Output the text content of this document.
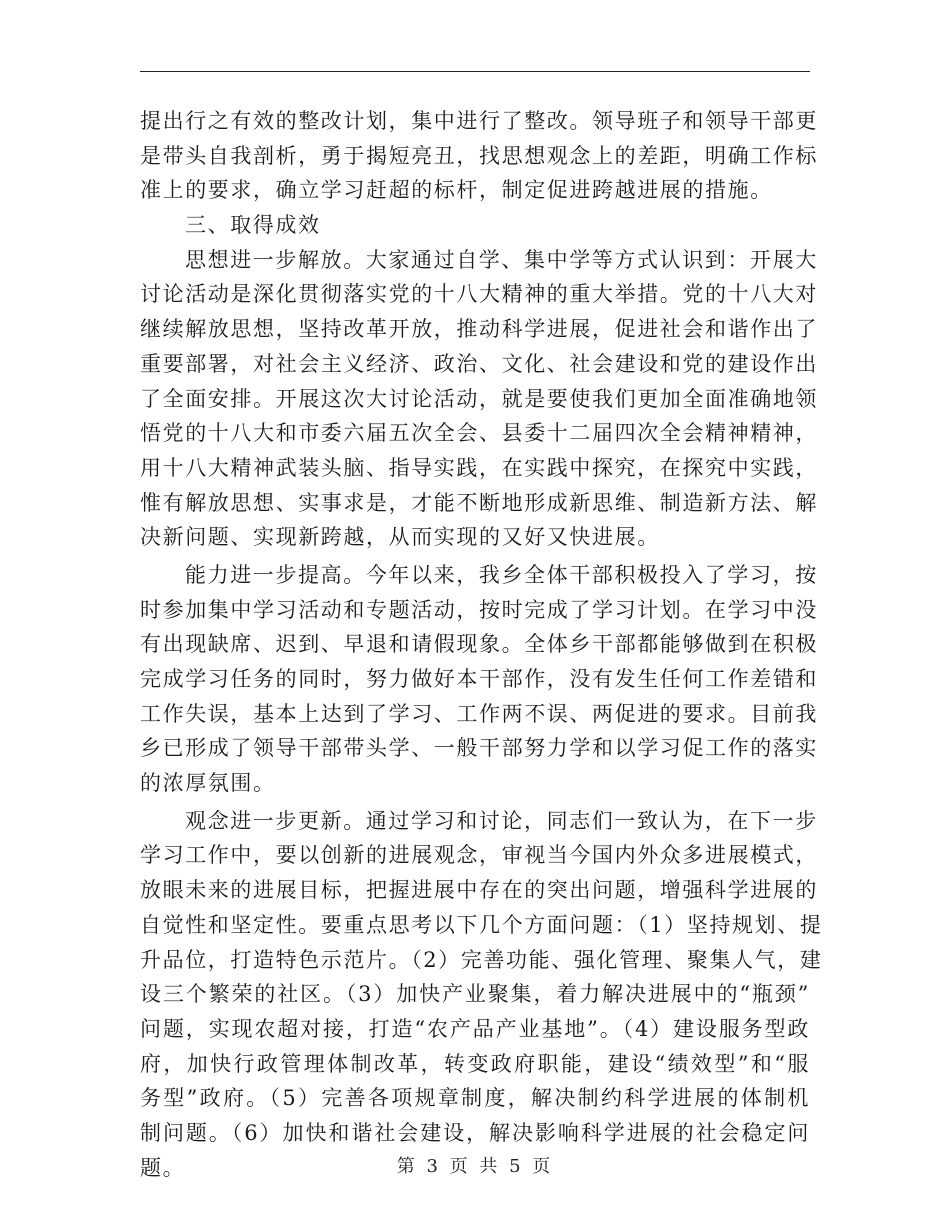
提出行之有效的整改计划，集中进行了整改。领导班子和领导干部更
是带头自我剖析，勇于揭短亮丑，找思想观念上的差距，明确工作标
准上的要求，确立学习赶超的标杆，制定促进跨越进展的措施。
三、取得成效
思想进一步解放。大家通过自学、集中学等方式认识到：开展大
讨论活动是深化贯彻落实党的十八大精神的重大举措。党的十八大对
继续解放思想，坚持改革开放，推动科学进展，促进社会和谐作出了
重要部署，对社会主义经济、政治、文化、社会建设和党的建设作出
了全面安排。开展这次大讨论活动，就是要使我们更加全面准确地领
悟党的十八大和市委六届五次全会、县委十二届四次全会精神精神，
用十八大精神武装头脑、指导实践，在实践中探究，在探究中实践，
惟有解放思想、实事求是，才能不断地形成新思维、制造新方法、解
决新问题、实现新跨越，从而实现的又好又快进展。
能力进一步提高。今年以来，我乡全体干部积极投入了学习，按
时参加集中学习活动和专题活动，按时完成了学习计划。在学习中没
有出现缺席、迟到、早退和请假现象。全体乡干部都能够做到在积极
完成学习任务的同时，努力做好本干部作，没有发生任何工作差错和
工作失误，基本上达到了学习、工作两不误、两促进的要求。目前我
乡已形成了领导干部带头学、一般干部努力学和以学习促工作的落实
的浓厚氛围。
观念进一步更新。通过学习和讨论，同志们一致认为，在下一步
学习工作中，要以创新的进展观念，审视当今国内外众多进展模式，
放眼未来的进展目标，把握进展中存在的突出问题，增强科学进展的
自觉性和坚定性。要重点思考以下几个方面问题：（1）坚持规划、提
升品位，打造特色示范片。（2）完善功能、强化管理、聚集人气，建
设三个繁荣的社区。（3）加快产业聚集，着力解决进展中的“瓶颈”
问题，实现农超对接，打造“农产品产业基地”。（4）建设服务型政
府，加快行政管理体制改革，转变政府职能，建设“绩效型”和“服
务型”政府。（5）完善各项规章制度，解决制约科学进展的体制机
制问题。（6）加快和谐社会建设，解决影响科学进展的社会稳定问
题。	第 3 页 共 5 页
